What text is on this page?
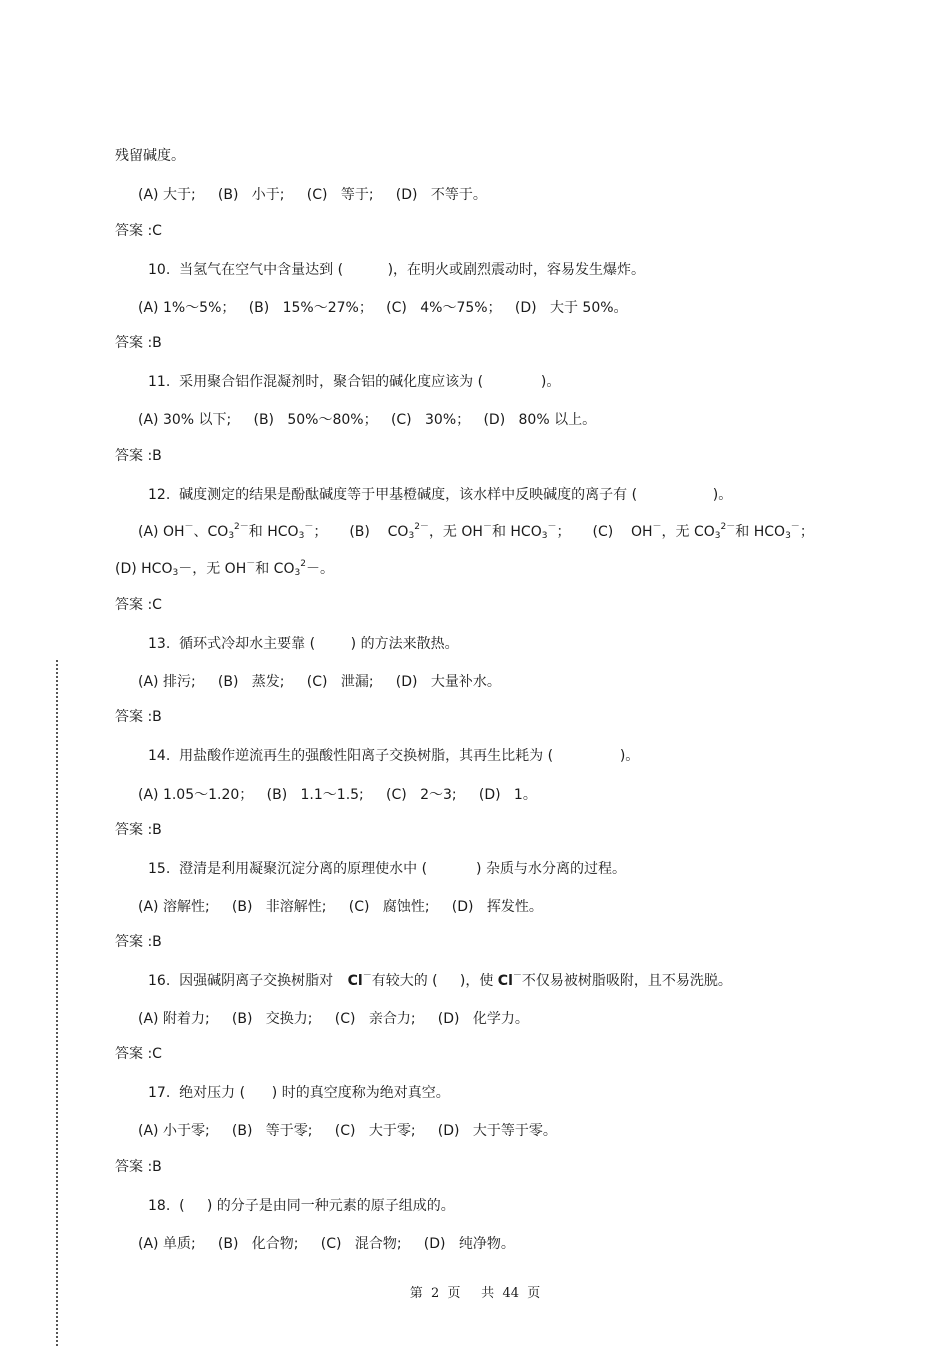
残留碱度。
(A) 大于;     (B)   小于;     (C)   等于;     (D)   不等于。
答案 :C
10.  当氢气在空气中含量达到 (          )，在明火或剧烈震动时，容易发生爆炸。
(A) 1%～5%；   (B)   15%～27%；   (C)   4%～75%；   (D)   大于 50%。
答案 :B
11.  采用聚合铝作混凝剂时，聚合铝的碱化度应该为 (             )。
(A) 30% 以下;     (B)   50%～80%；   (C)   30%；   (D)   80% 以上。
答案 :B
12.  碱度测定的结果是酚酞碱度等于甲基橙碱度，该水样中反映碱度的离子有 (                 )。
(A) OH－、$CO_3^{2-}$和 $HCO_3^-$； (B)    $CO_3^{2-}$，无 OH－和 $HCO_3^-$； (C)    OH－，无 $CO_3^{2-}$和 $HCO_3^-$；
(D) $HCO_3-$，无 OH－和 $CO_3^2-$。
答案 :C
13.  循环式冷却水主要靠 (        ) 的方法来散热。
(A) 排污;     (B)   蒸发;     (C)   泄漏;     (D)   大量补水。
答案 :B
14.  用盐酸作逆流再生的强酸性阳离子交换树脂，其再生比耗为 (               )。
(A) 1.05～1.20；   (B)   1.1～1.5;     (C)   2～3;     (D)   1。
答案 :B
15.  澄清是利用凝聚沉淀分离的原理使水中 (           ) 杂质与水分离的过程。
(A) 溶解性;     (B)   非溶解性;     (C)   腐蚀性;     (D)   挥发性。
答案 :B
16.  因强碱阴离子交换树脂对 Cl－有较大的 (     )，使 Cl－不仅易被树脂吸附，且不易洗脱。
(A) 附着力;     (B)   交换力;     (C)   亲合力;     (D)   化学力。
答案 :C
17.  绝对压力 (      ) 时的真空度称为绝对真空。
(A) 小于零;     (B)   等于零;     (C)   大于零;     (D)   大于等于零。
答案 :B
18.  (     ) 的分子是由同一种元素的原子组成的。
(A) 单质;     (B)   化合物;     (C)   混合物;     (D)   纯净物。
第  2  页     共  44  页
